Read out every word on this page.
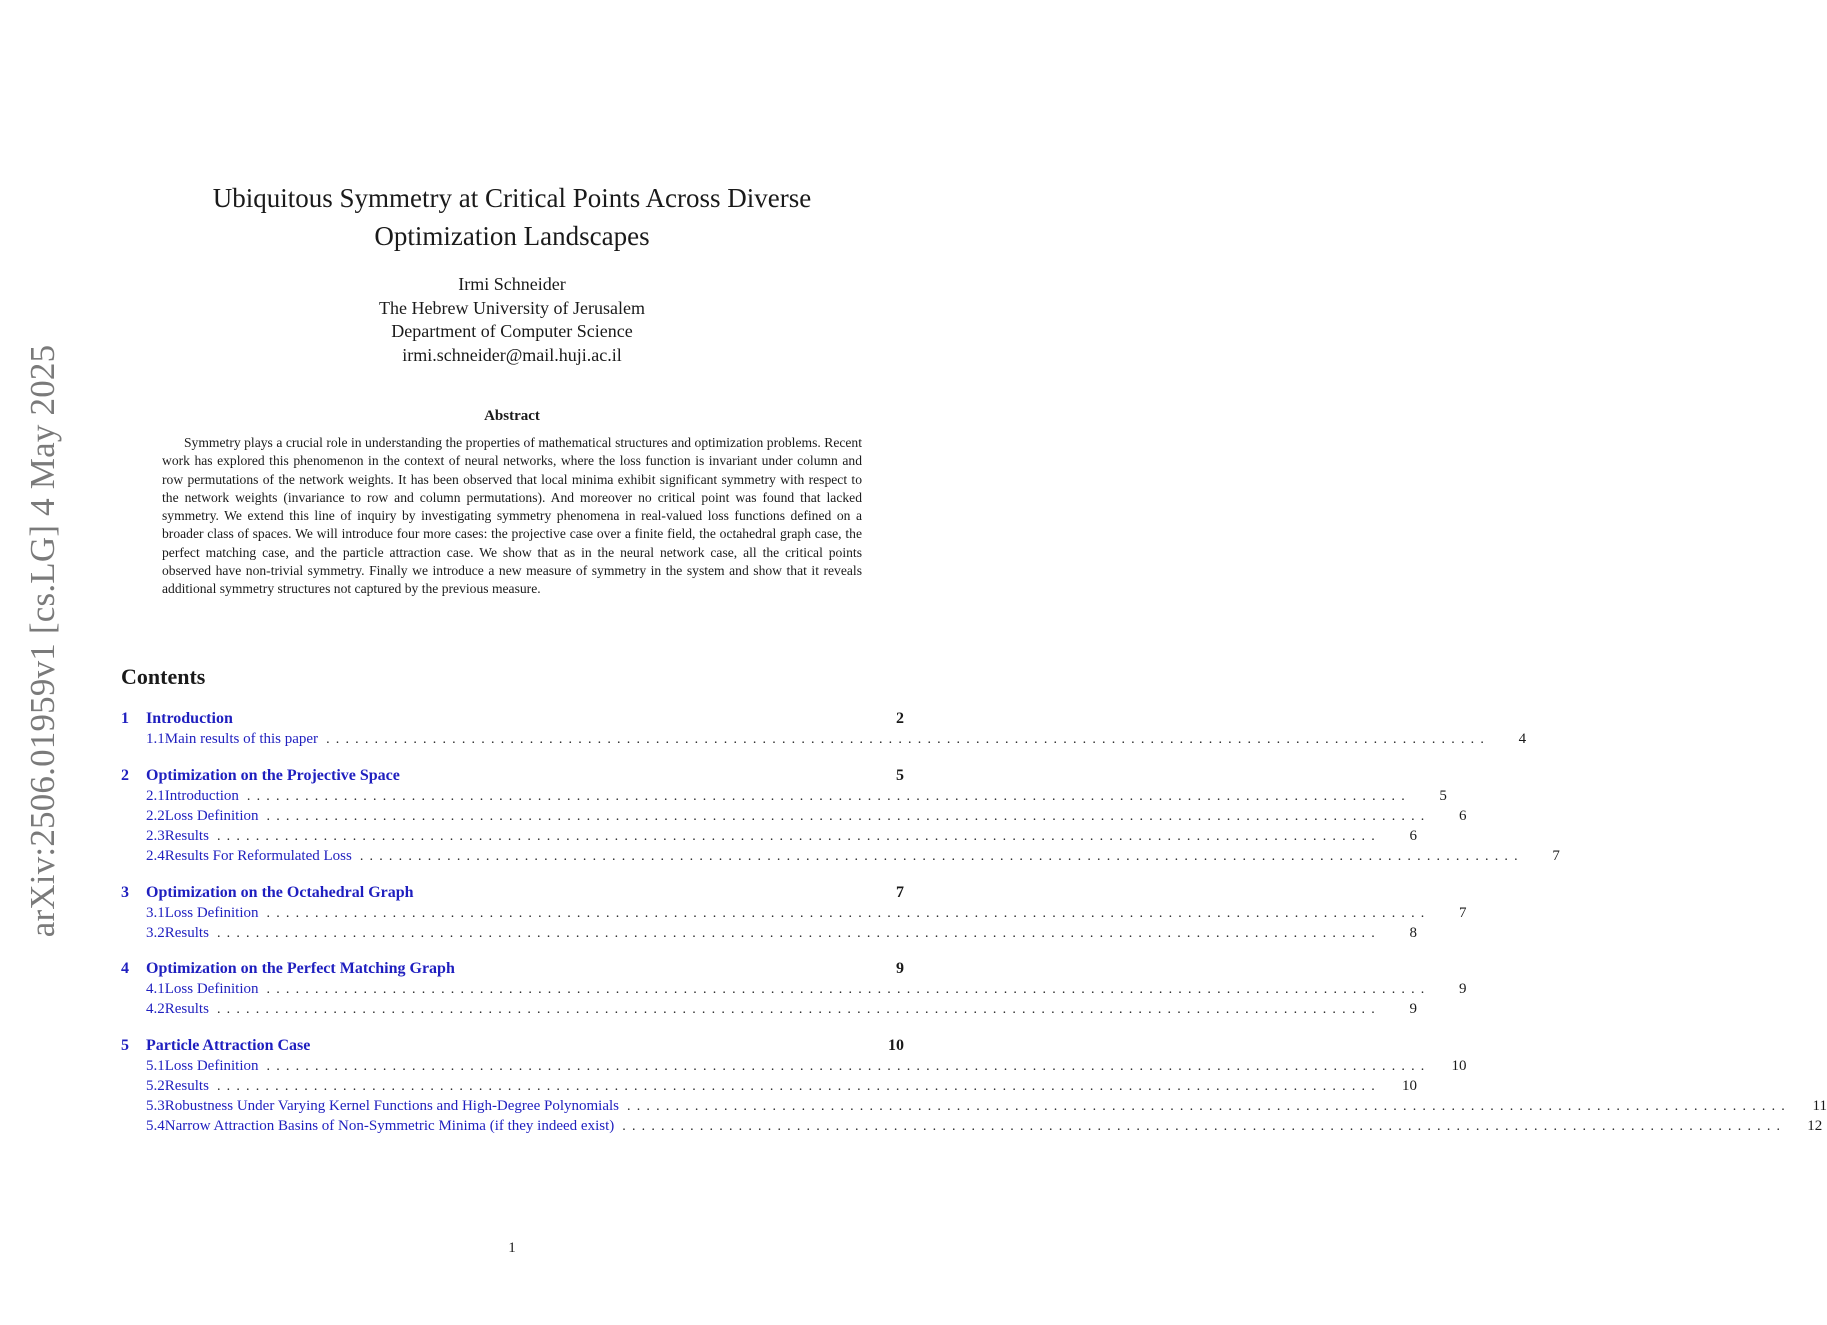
arXiv:2506.01959v1 [cs.LG] 4 May 2025
Ubiquitous Symmetry at Critical Points Across Diverse
Optimization Landscapes
Irmi Schneider
The Hebrew University of Jerusalem
Department of Computer Science
irmi.schneider@mail.huji.ac.il
Abstract

Symmetry plays a crucial role in understanding the properties of mathematical structures and optimization problems. Recent work has explored this phenomenon in the context of neural networks, where the loss function is invariant under column and row permutations of the network weights. It has been observed that local minima exhibit significant symmetry with respect to the network weights (invariance to row and column permutations). And moreover no critical point was found that lacked symmetry. We extend this line of inquiry by investigating symmetry phenomena in real-valued loss functions defined on a broader class of spaces. We will introduce four more cases: the projective case over a finite field, the octahedral graph case, the perfect matching case, and the particle attraction case. We show that as in the neural network case, all the critical points observed have non-trivial symmetry. Finally we introduce a new measure of symmetry in the system and show that it reveals additional symmetry structures not captured by the previous measure.

Contents
1	Introduction	2
1.1 Main results of this paper ........................................................................................................................	4
2	Optimization on the Projective Space	5
2.1 Introduction ........................................................................................................................	5
2.2 Loss Definition ........................................................................................................................	6
2.3 Results ........................................................................................................................	6
2.4 Results For Reformulated Loss ........................................................................................................................	7
3	Optimization on the Octahedral Graph	7
3.1 Loss Definition ........................................................................................................................	7
3.2 Results ........................................................................................................................	8
4	Optimization on the Perfect Matching Graph	9
4.1 Loss Definition ........................................................................................................................	9
4.2 Results ........................................................................................................................	9
5	Particle Attraction Case	10
5.1 Loss Definition ........................................................................................................................	10
5.2 Results ........................................................................................................................	10
5.3 Robustness Under Varying Kernel Functions and High-Degree Polynomials ........................................................................................................................	11
5.4 Narrow Attraction Basins of Non-Symmetric Minima (if they indeed exist) ........................................................................................................................	12
1
